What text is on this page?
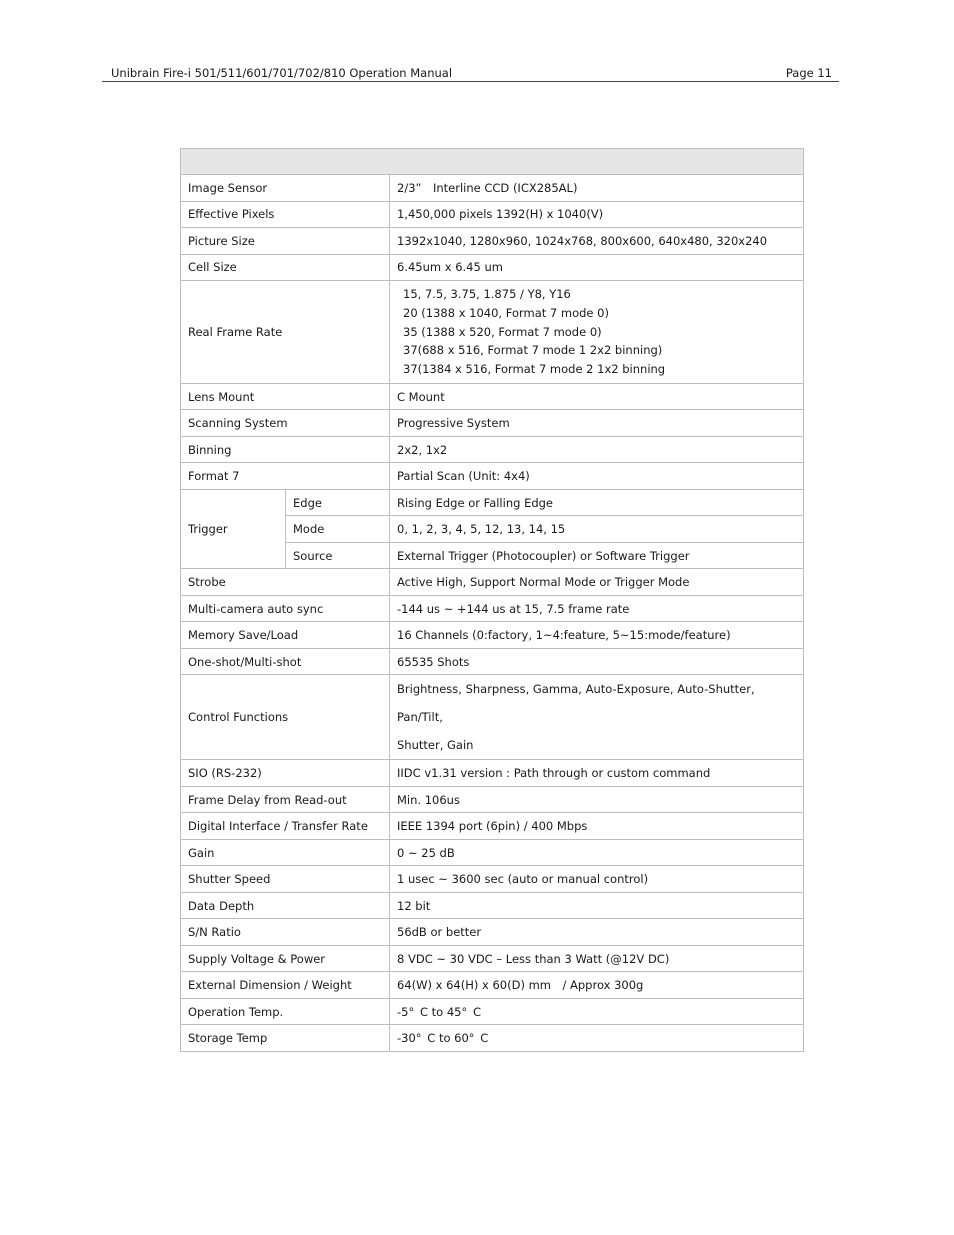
Unibrain Fire-i 501/511/601/701/702/810 Operation Manual	Page 11

Image Sensor		2/3”　Interline CCD (ICX285AL)
Effective Pixels		1,450,000 pixels 1392(H) x 1040(V)
Picture Size		1392x1040, 1280x960, 1024x768, 800x600, 640x480, 320x240
Cell Size		6.45um x 6.45 um
Real Frame Rate		15, 7.5, 3.75, 1.875 / Y8, Y16
20 (1388 x 1040, Format 7 mode 0)
35 (1388 x 520, Format 7 mode 0)
37(688 x 516, Format 7 mode 1 2x2 binning)
37(1384 x 516, Format 7 mode 2 1x2 binning

Lens Mount		C Mount
Scanning System		Progressive System
Binning		2x2, 1x2
Format 7		Partial Scan (Unit: 4x4)
Trigger	Edge	Rising Edge or Falling Edge
	Mode	0, 1, 2, 3, 4, 5, 12, 13, 14, 15
	Source	External Trigger (Photocoupler) or Software Trigger
Strobe		Active High, Support Normal Mode or Trigger Mode
Multi-camera auto sync		-144 us ~ +144 us at 15, 7.5 frame rate
Memory Save/Load		16 Channels (0:factory, 1~4:feature, 5~15:mode/feature)
One-shot/Multi-shot		65535 Shots
Control Functions		Brightness, Sharpness, Gamma, Auto-Exposure, Auto-Shutter, Pan/Tilt,
Shutter, Gain

SIO (RS-232)		IIDC v1.31 version : Path through or custom command
Frame Delay from Read-out		Min. 106us
Digital Interface / Transfer Rate		IEEE 1394 port (6pin) / 400 Mbps
Gain		0 ~ 25 dB
Shutter Speed		1 usec ~ 3600 sec (auto or manual control)
Data Depth		12 bit
S/N Ratio		56dB or better
Supply Voltage & Power		8 VDC ~ 30 VDC – Less than 3 Watt (@12V DC)
External Dimension / Weight		64(W) x 64(H) x 60(D) mm　/ Approx 300g
Operation Temp.		-5° C to 45° C
Storage Temp		-30° C to 60° C
